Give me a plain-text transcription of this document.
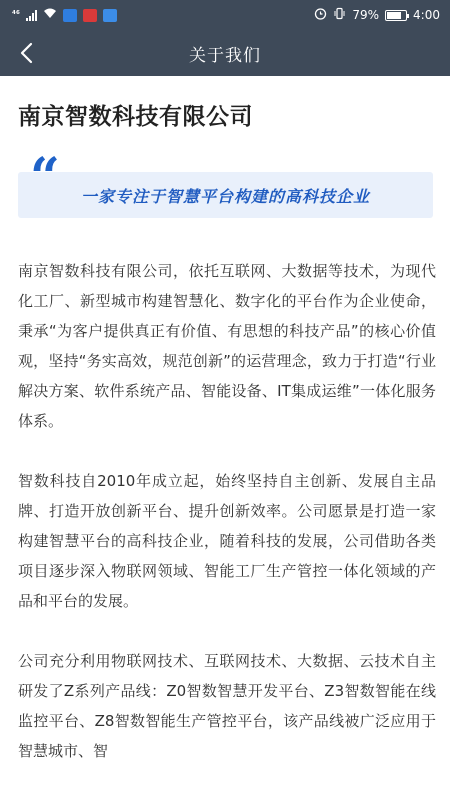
⁴⁶	79%	4:00
关于我们
南京智数科技有限公司
“ 一家专注于智慧平台构建的高科技企业

南京智数科技有限公司，依托互联网、大数据等技术，为现代化工厂、新型城市构建智慧化、数字化的平台作为企业使命，秉承“为客户提供真正有价值、有思想的科技产品”的核心价值观，坚持“务实高效，规范创新”的运营理念，致力于打造“行业解决方案、软件系统产品、智能设备、IT集成运维”一体化服务体系。

智数科技自2010年成立起，始终坚持自主创新、发展自主品牌、打造开放创新平台、提升创新效率。公司愿景是打造一家构建智慧平台的高科技企业，随着科技的发展，公司借助各类项目逐步深入物联网领域、智能工厂生产管控一体化领域的产品和平台的发展。

公司充分利用物联网技术、互联网技术、大数据、云技术自主研发了Z系列产品线：Z0智数智慧开发平台、Z3智数智能在线监控平台、Z8智数智能生产管控平台，该产品线被广泛应用于智慧城市、智
